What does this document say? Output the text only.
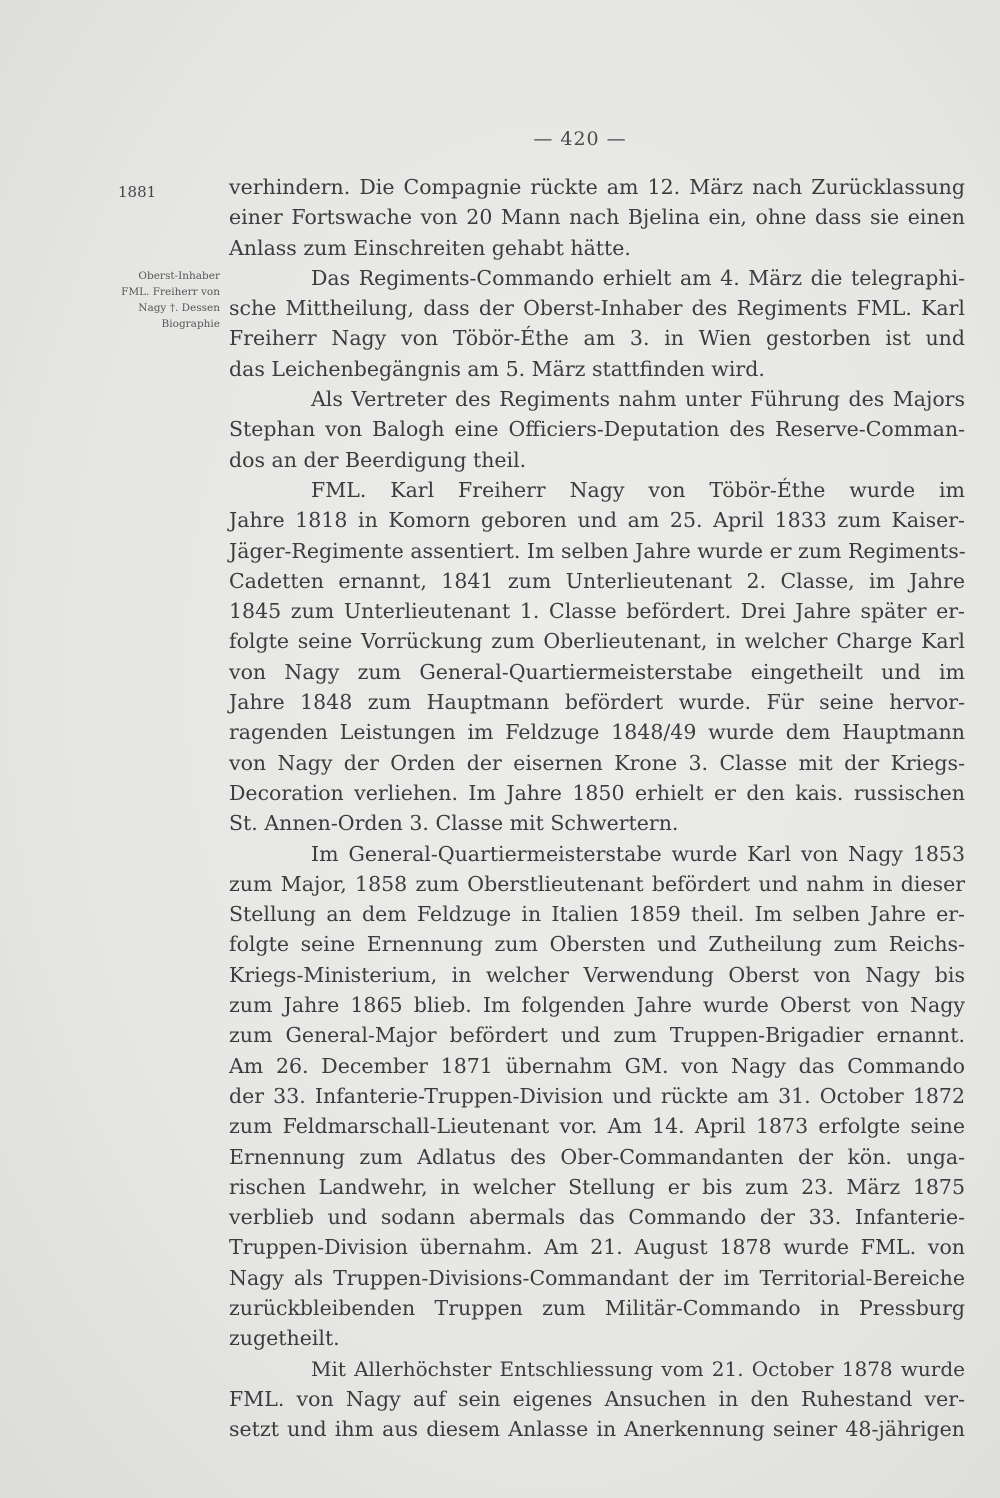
— 420 —
1881
Oberst-Inhaber
FML. Freiherr von
Nagy †. Dessen
Biographie
verhindern. Die Compagnie rückte am 12. März nach Zurücklassung
einer Fortswache von 20 Mann nach Bjelina ein, ohne dass sie einen
Anlass zum Einschreiten gehabt hätte.
Das Regiments-Commando erhielt am 4. März die telegraphi-
sche Mittheilung, dass der Oberst-Inhaber des Regiments FML. Karl
Freiherr Nagy von Töbör-Éthe am 3. in Wien gestorben ist und
das Leichenbegängnis am 5. März stattfinden wird.
Als Vertreter des Regiments nahm unter Führung des Majors
Stephan von Balogh eine Officiers-Deputation des Reserve-Comman-
dos an der Beerdigung theil.
FML. Karl Freiherr Nagy von Töbör-Éthe wurde im
Jahre 1818 in Komorn geboren und am 25. April 1833 zum Kaiser-
Jäger-Regimente assentiert. Im selben Jahre wurde er zum Regiments-
Cadetten ernannt, 1841 zum Unterlieutenant 2. Classe, im Jahre
1845 zum Unterlieutenant 1. Classe befördert. Drei Jahre später er-
folgte seine Vorrückung zum Oberlieutenant, in welcher Charge Karl
von Nagy zum General-Quartiermeisterstabe eingetheilt und im
Jahre 1848 zum Hauptmann befördert wurde. Für seine hervor-
ragenden Leistungen im Feldzuge 1848/49 wurde dem Hauptmann
von Nagy der Orden der eisernen Krone 3. Classe mit der Kriegs-
Decoration verliehen. Im Jahre 1850 erhielt er den kais. russischen
St. Annen-Orden 3. Classe mit Schwertern.
Im General-Quartiermeisterstabe wurde Karl von Nagy 1853
zum Major, 1858 zum Oberstlieutenant befördert und nahm in dieser
Stellung an dem Feldzuge in Italien 1859 theil. Im selben Jahre er-
folgte seine Ernennung zum Obersten und Zutheilung zum Reichs-
Kriegs-Ministerium, in welcher Verwendung Oberst von Nagy bis
zum Jahre 1865 blieb. Im folgenden Jahre wurde Oberst von Nagy
zum General-Major befördert und zum Truppen-Brigadier ernannt.
Am 26. December 1871 übernahm GM. von Nagy das Commando
der 33. Infanterie-Truppen-Division und rückte am 31. October 1872
zum Feldmarschall-Lieutenant vor. Am 14. April 1873 erfolgte seine
Ernennung zum Adlatus des Ober-Commandanten der kön. unga-
rischen Landwehr, in welcher Stellung er bis zum 23. März 1875
verblieb und sodann abermals das Commando der 33. Infanterie-
Truppen-Division übernahm. Am 21. August 1878 wurde FML. von
Nagy als Truppen-Divisions-Commandant der im Territorial-Bereiche
zurückbleibenden Truppen zum Militär-Commando in Pressburg
zugetheilt.
Mit Allerhöchster Entschliessung vom 21. October 1878 wurde
FML. von Nagy auf sein eigenes Ansuchen in den Ruhestand ver-
setzt und ihm aus diesem Anlasse in Anerkennung seiner 48-jährigen
